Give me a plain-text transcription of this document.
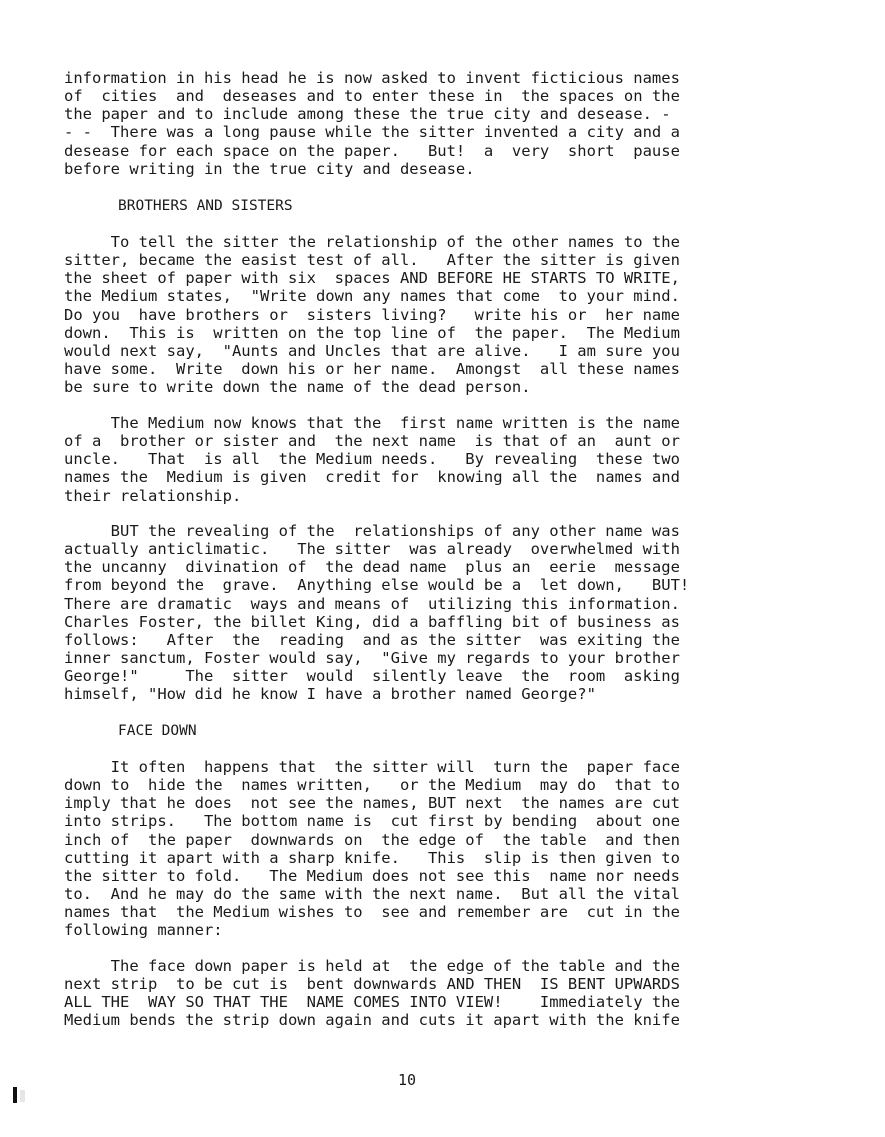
information in his head he is now asked to invent ficticious names
of  cities  and  deseases and to enter these in  the spaces on the
the paper and to include among these the true city and desease. -
- -  There was a long pause while the sitter invented a city and a
desease for each space on the paper.   But!  a  very  short  pause
before writing in the true city and desease.
BROTHERS AND SISTERS
To tell the sitter the relationship of the other names to the
sitter, became the easist test of all.   After the sitter is given
the sheet of paper with six  spaces AND BEFORE HE STARTS TO WRITE,
the Medium states,  "Write down any names that come  to your mind.
Do you  have brothers or  sisters living?   write his or  her name
down.  This is  written on the top line of  the paper.  The Medium
would next say,  "Aunts and Uncles that are alive.   I am sure you
have some.  Write  down his or her name.  Amongst  all these names
be sure to write down the name of the dead person.
The Medium now knows that the  first name written is the name
of a  brother or sister and  the next name  is that of an  aunt or
uncle.   That  is all  the Medium needs.   By revealing  these two
names the  Medium is given  credit for  knowing all the  names and
their relationship.
BUT the revealing of the  relationships of any other name was
actually anticlimatic.   The sitter  was already  overwhelmed with
the uncanny  divination of  the dead name  plus an  eerie  message
from beyond the  grave.  Anything else would be a  let down,   BUT!
There are dramatic  ways and means of  utilizing this information.
Charles Foster, the billet King, did a baffling bit of business as
follows:   After  the  reading  and as the sitter  was exiting the
inner sanctum, Foster would say,  "Give my regards to your brother
George!"     The  sitter  would  silently leave  the  room  asking
himself, "How did he know I have a brother named George?"
FACE DOWN
It often  happens that  the sitter will  turn the  paper face
down to  hide the  names written,   or the Medium  may do  that to
imply that he does  not see the names, BUT next  the names are cut
into strips.   The bottom name is  cut first by bending  about one
inch of  the paper  downwards on  the edge of  the table  and then
cutting it apart with a sharp knife.   This  slip is then given to
the sitter to fold.   The Medium does not see this  name nor needs
to.  And he may do the same with the next name.  But all the vital
names that  the Medium wishes to  see and remember are  cut in the
following manner:
The face down paper is held at  the edge of the table and the
next strip  to be cut is  bent downwards AND THEN  IS BENT UPWARDS
ALL THE  WAY SO THAT THE  NAME COMES INTO VIEW!    Immediately the
Medium bends the strip down again and cuts it apart with the knife
10
